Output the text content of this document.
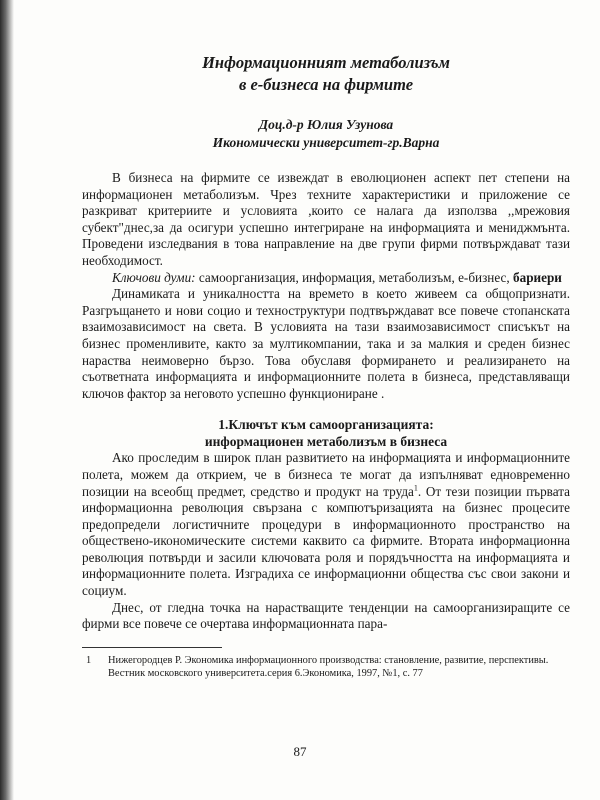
Информационният метаболизъм

в е-бизнеса на фирмите

Доц.д-р Юлия Узунова

Икономически университет-гр.Варна

В бизнеса на фирмите се извеждат в еволюционен аспект пет степени на информационен метаболизъм. Чрез техните характеристики и приложение се разкриват критериите и условията ,които се налага да използва ,,мрежовия субект"днес,за да осигури успешно интегриране на информацията и мениджмънта. Проведени изследвания в това направление на две групи фирми потвърждават тази необходимост.

Ключови думи: самоорганизация, информация, метаболизъм, е-бизнес, бариери

Динамиката и уникалността на времето в което живеем са общопризнати. Разгръщането и нови социо и техноструктури подтвърждават все повече стопанската взаимозависимост на света. В условията на тази взаимозависимост списъкът на бизнес променливите, както за мултикомпании, така и за малкия и среден бизнес нараства неимоверно бързо. Това обуславя формирането и реализирането на съответната информацията и информационните полета в бизнеса, представляващи ключов фактор за неговото успешно функциониране .

1.Ключът към самоорганизацията:
информационен метаболизъм в бизнеса

Ако проследим в широк план развитието на информацията и информационните полета, можем да открием, че в бизнеса те могат да изпълняват едновременно позиции на всеобщ предмет, средство и продукт на труда$^1$. От тези позиции първата информационна революция свързана с компютъризацията на бизнес процесите предопредели логистичните процедури в информационното пространство на обществено-икономическите системи каквито са фирмите. Втората информационна революция потвърди и засили ключовата роля и порядъчността на информацията и информационните полета. Изградиха се информационни общества със свои закони и социум.

Днес, от гледна точка на нарастващите тенденции на самоорганизиращите се фирми все повече се очертава информационната пара-

1	Нижегородцев Р. Экономика информационного производства: становление, развитие, перспективы. Вестник московского университета.серия 6.Экономика, 1997, №1, с. 77
87
